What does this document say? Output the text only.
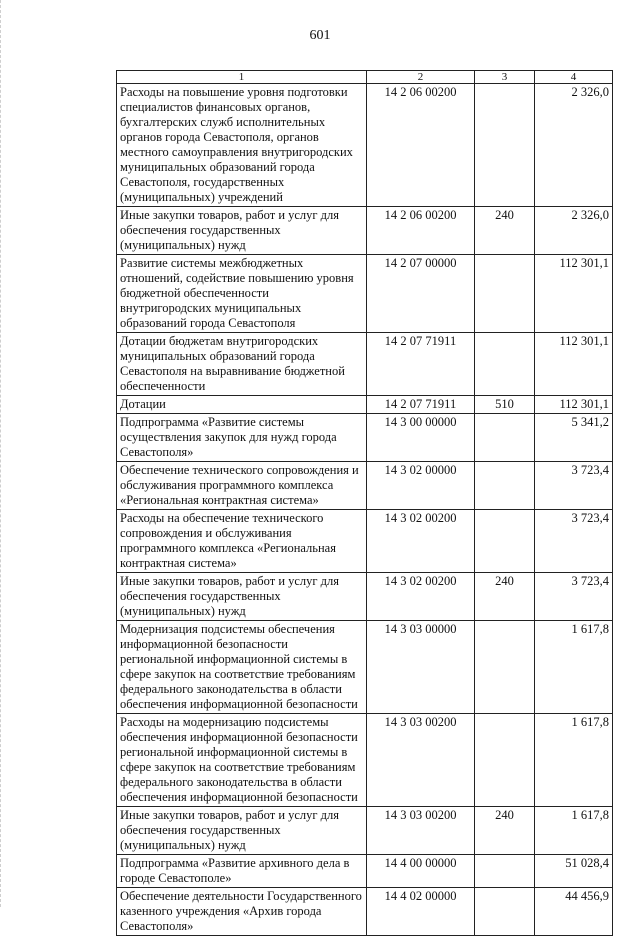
601
1	2	3	4
Расходы на повышение уровня подготовки специалистов финансовых органов, бухгалтерских служб исполнительных органов города Севастополя, органов местного самоуправления внутригородских муниципальных образований города Севастополя, государственных (муниципальных) учреждений	14 2 06 00200		2 326,0
Иные закупки товаров, работ и услуг для обеспечения государственных (муниципальных) нужд	14 2 06 00200	240	2 326,0
Развитие системы межбюджетных отношений, содействие повышению уровня бюджетной обеспеченности внутригородских муниципальных образований города Севастополя	14 2 07 00000		112 301,1
Дотации бюджетам внутригородских муниципальных образований города Севастополя на выравнивание бюджетной обеспеченности	14 2 07 71911		112 301,1
Дотации	14 2 07 71911	510	112 301,1
Подпрограмма «Развитие системы осуществления закупок для нужд города Севастополя»	14 3 00 00000		5 341,2
Обеспечение технического сопровождения и обслуживания программного комплекса «Региональная контрактная система»	14 3 02 00000		3 723,4
Расходы на обеспечение технического сопровождения и обслуживания программного комплекса «Региональная контрактная система»	14 3 02 00200		3 723,4
Иные закупки товаров, работ и услуг для обеспечения государственных (муниципальных) нужд	14 3 02 00200	240	3 723,4
Модернизация подсистемы обеспечения информационной безопасности региональной информационной системы в сфере закупок на соответствие требованиям федерального законодательства в области обеспечения информационной безопасности	14 3 03 00000		1 617,8
Расходы на модернизацию подсистемы обеспечения информационной безопасности региональной информационной системы в сфере закупок на соответствие требованиям федерального законодательства в области обеспечения информационной безопасности	14 3 03 00200		1 617,8
Иные закупки товаров, работ и услуг для обеспечения государственных (муниципальных) нужд	14 3 03 00200	240	1 617,8
Подпрограмма «Развитие архивного дела в городе Севастополе»	14 4 00 00000		51 028,4
Обеспечение деятельности Государственного казенного учреждения «Архив города Севастополя»	14 4 02 00000		44 456,9
